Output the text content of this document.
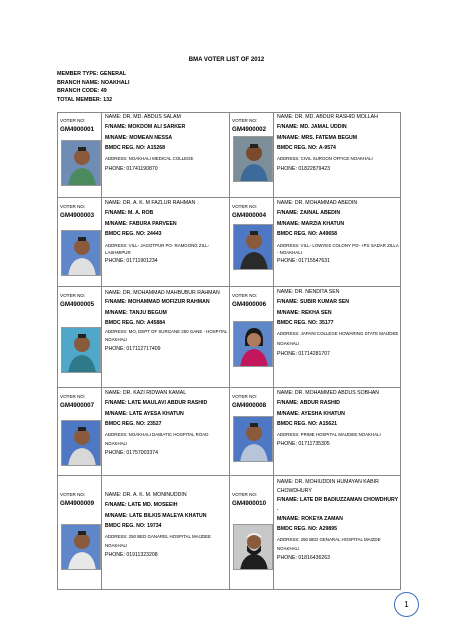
BMA VOTER LIST OF 2012
MEMBER TYPE: GENERAL
BRANCH NAME: NOAKHALI
BRANCH CODE: 49
TOTAL MEMBER: 132
VOTER NO:
GM4900001
NAME: DR. MD. ABDUS SALAM
F/NAME: MOKDOM ALI SARKER
M/NAME: MOMEAN NESSA
BMDC REG. NO: A15268
ADDRESS: NOAKHALI MEDICAL COLLEGE
PHONE: 01741190870
VOTER NO:
GM4900002
NAME: DR. MD. ABDUR RASHID MOLLAH
F/NAME: MD. JAMAL UDDIN
M/NAME: MRS. FATEMA BEGUM
BMDC REG. NO: A-9574
ADDRESS: CIVIL SURGON OFFICE NOAKHALI
PHONE: 01822879423
VOTER NO:
GM4900003
NAME: DR. A. K. M FAZLUR RAHMAN
F/NAME: M. A. ROB
M/NAME: FABURA PARVEEN
BMDC REG. NO: 24443
ADDRESS: VILL- JAGOTPUR PO- RAMGONG ZILL- LASHMIPUR
PHONE: 01711901234
VOTER NO:
GM4900004
NAME: DR. MOHAMMAD ABEDIN
F/NAME: ZAINAL ABEDIN
M/NAME: MARZIA KHATUN
BMDC REG. NO: A49658
ADDRESS: VILL- LOWYES COLONY PO- +PS SADAR ZILLA - NOAKHALI
PHONE: 01715547631
VOTER NO:
GM4900005
NAME: DR. MOHAMMAD MAHBUBUR RAHMAN
F/NAME: MOHAMMAD MOFIZUR RAHMAN
M/NAME: TANJU BEGUM
BMDC REG. NO: A45884
ADDRESS: MO, DEPT OF SURGANE 250 GANE - HOSPITAL NOAKHALI
PHONE: 017112717409
VOTER NO:
GM4900006
NAME: DR. NENDITA SEN
F/NAME: SUBIR KUMAR SEN
M/NAME: REKHA SEN
BMDC REG. NO: 35177
ADDRESS: JAPANI COLLEGE HOWARING STATE MAIJDEE NOAKHALI
PHONE: 01714281707
VOTER NO:
GM4900007
NAME: DR. KAZI RIDWAN KAMAL
F/NAME: LATE MAULAVI ABDUR RASHID
M/NAME: LATE AYESA KHATUN
BMDC REG. NO: 23527
ADDRESS: NOAKHALI DAIBATIC HOSPITAL ROAD NOAKHALI
PHONE: 01757003374
VOTER NO:
GM4900008
NAME: DR. MOHAMMED ABDUS SOBHAN
F/NAME: ABDUR RASHID
M/NAME: AYESHA KHATUN
BMDC REG. NO: A15621
ADDRESS: PRIME HOSPITAL MAIJDEE NOAKHALI
PHONE: 01711735305
VOTER NO:
GM4900009
NAME: DR. A. K. M. MONINUDDIN
F/NAME: LATE MD. MOSEEIH
M/NAME: LATE BILKIS MALEYA KHATUN
BMDC REG. NO: 19734
ADDRESS: 250 BED GANAREL HOSPITAL MAIJDEE NOAKHALI
PHONE: 01911323208
VOTER NO:
GM4900010
NAME: DR. MOHIUDDIN HUMAYAN KABIR CHOWDHURY
F/NAME: LATE DR BADIUZZAMAN CHOWDHURY .
M/NAME: ROKEYA ZAMAN
BMDC REG. NO: A29895
ADDRESS: 250 BED GENARAL HOSPITAL MAIZDE NOAKHALI
PHONE: 01816436263
1
